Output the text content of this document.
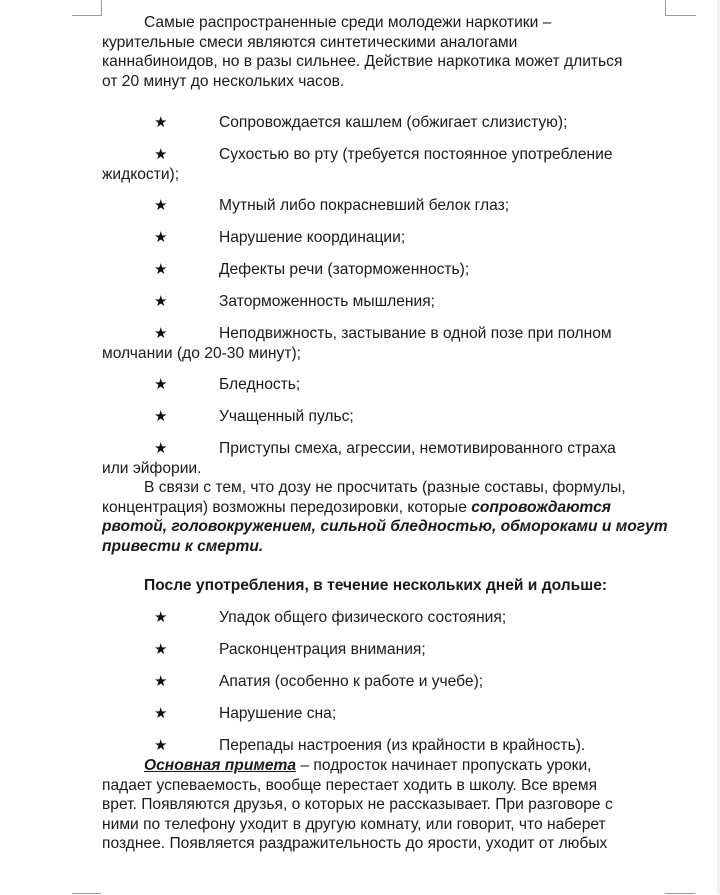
Самые распространенные среди молодежи наркотики –
курительные смеси являются синтетическими аналогами
каннабиноидов, но в разы сильнее. Действие наркотика может длиться
от 20 минут до нескольких часов.
★	Сопровождается кашлем (обжигает слизистую);
★	Сухостью во рту (требуется постоянное употребление
жидкости);
★	Мутный либо покрасневший белок глаз;
★	Нарушение координации;
★	Дефекты речи (заторможенность);
★	Заторможенность мышления;
★	Неподвижность, застывание в одной позе при полном
молчании (до 20-30 минут);
★	Бледность;
★	Учащенный пульс;
★	Приступы смеха, агрессии, немотивированного страха
или эйфории.
В связи с тем, что дозу не просчитать (разные составы, формулы,
концентрация) возможны передозировки, которые сопровождаются
рвотой, головокружением, сильной бледностью, обмороками и могут
привести к смерти.
После употребления, в течение нескольких дней и дольше:
★	Упадок общего физического состояния;
★	Расконцентрация внимания;
★	Апатия (особенно к работе и учебе);
★	Нарушение сна;
★	Перепады настроения (из крайности в крайность).
Основная примета – подросток начинает пропускать уроки,
падает успеваемость, вообще перестает ходить в школу. Все время
врет. Появляются друзья, о которых не рассказывает. При разговоре с
ними по телефону уходит в другую комнату, или говорит, что наберет
позднее. Появляется раздражительность до ярости, уходит от любых
